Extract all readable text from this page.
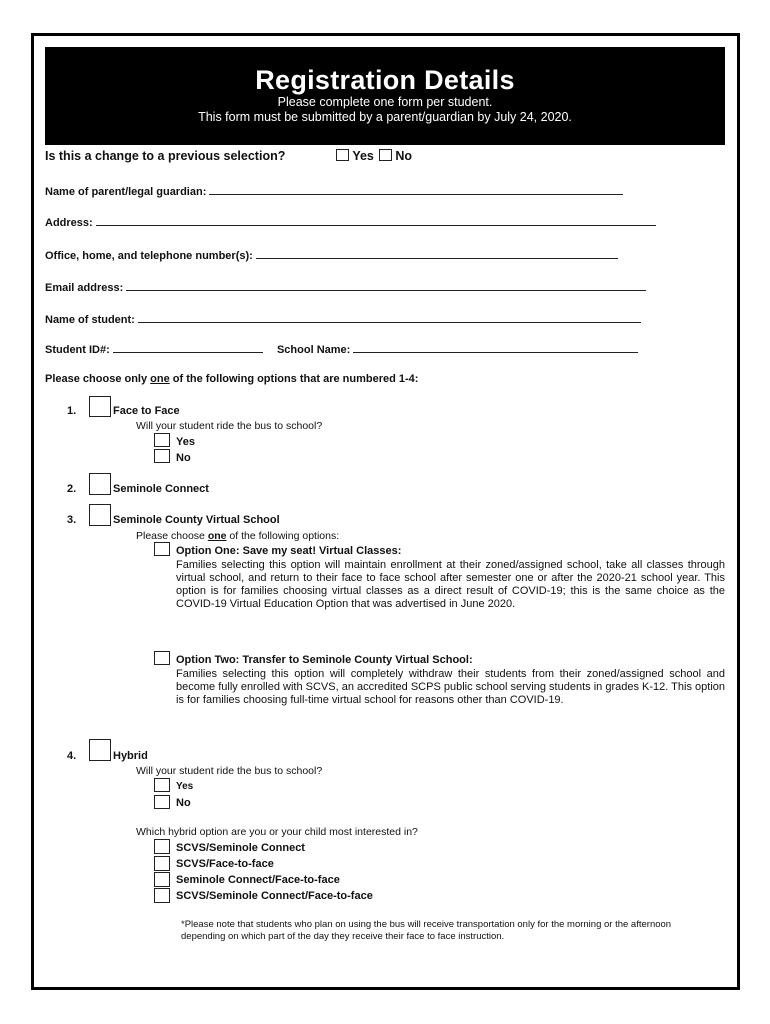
Registration Details
Please complete one form per student.
This form must be submitted by a parent/guardian by July 24, 2020.
Is this a change to a previous selection?	Yes No
Name of parent/legal guardian:
Address:
Office, home, and telephone number(s):
Email address:
Name of student:
Student ID#:	School Name:
Please choose only one of the following options that are numbered 1-4:
1.	Face to Face
Will your student ride the bus to school?
Yes
No
2.	Seminole Connect
3.	Seminole County Virtual School
Please choose one of the following options:
Option One: Save my seat! Virtual Classes:
Families selecting this option will maintain enrollment at their zoned/assigned school, take all classes through virtual school, and return to their face to face school after semester one or after the 2020-21 school year. This option is for families choosing virtual classes as a direct result of COVID-19; this is the same choice as the COVID-19 Virtual Education Option that was advertised in June 2020.
Option Two: Transfer to Seminole County Virtual School:
Families selecting this option will completely withdraw their students from their zoned/assigned school and become fully enrolled with SCVS, an accredited SCPS public school serving students in grades K-12. This option is for families choosing full-time virtual school for reasons other than COVID-19.
4.	Hybrid
Will your student ride the bus to school?
Yes
No
Which hybrid option are you or your child most interested in?
SCVS/Seminole Connect
SCVS/Face-to-face
Seminole Connect/Face-to-face
SCVS/Seminole Connect/Face-to-face
*Please note that students who plan on using the bus will receive transportation only for the morning or the afternoon depending on which part of the day they receive their face to face instruction.
